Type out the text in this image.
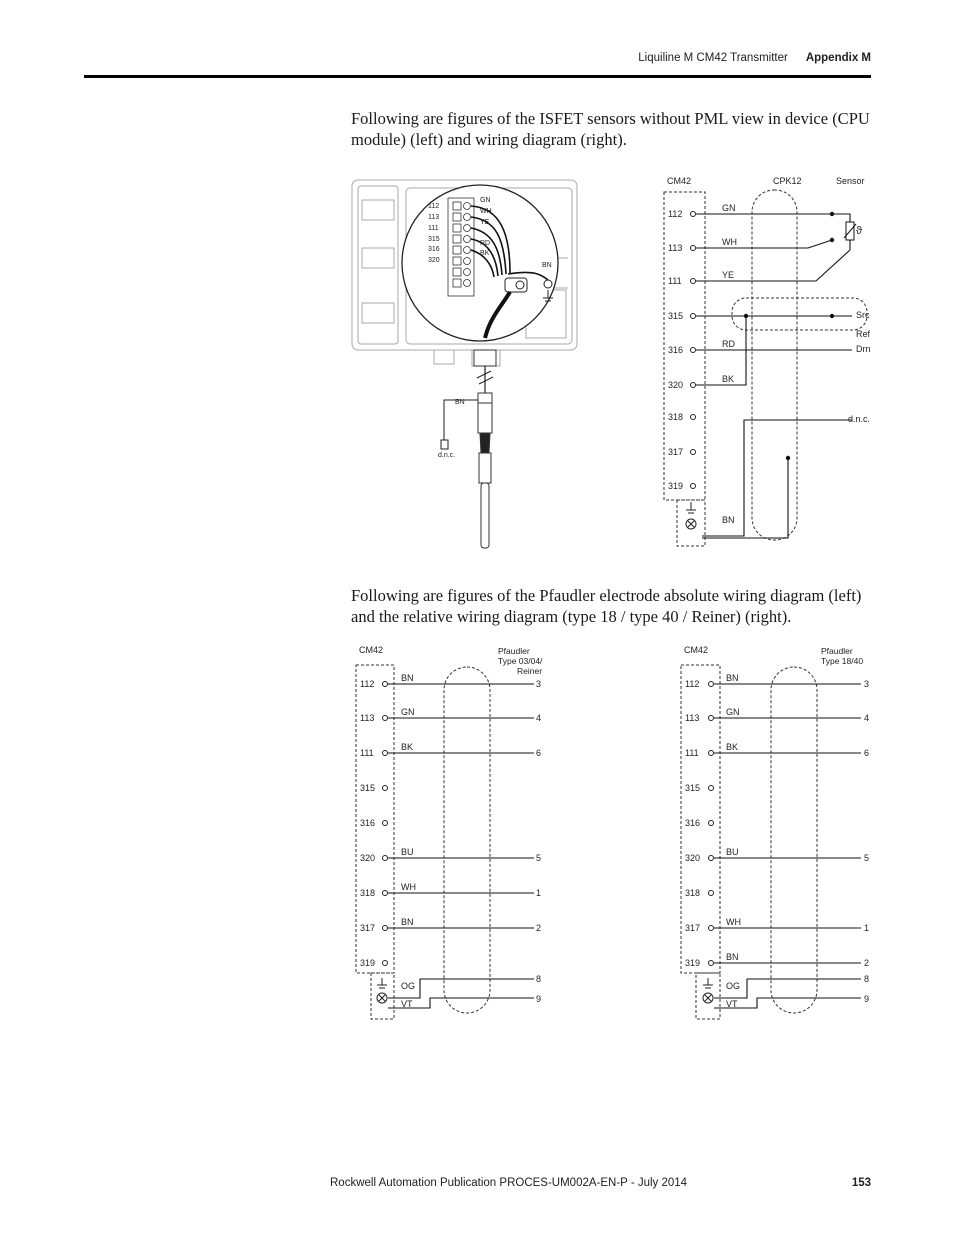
Liquiline M CM42 Transmitter Appendix M
Following are figures of the ISFET sensors without PML view in device (CPU module) (left) and wiring diagram (right).
112
113
111
315
316
320
GN
WH
YE
RD
BK
BN
BN
d.n.c.
CM42	CPK12	Sensor
112
113
111
315
316
320
318
317
319
ϑ
GN
WH
YE
RD
BK
BN
Src
Ref
Drn
d.n.c.
Following are figures of the Pfaudler electrode absolute wiring diagram (left) and the relative wiring diagram (type 18 / type 40 / Reiner) (right).
CM42	Pfaudler
Type 03/04/
Reiner
112
113
111
315
316
320
318
317
319
BN
GN
BK
BU
WH
BN
OG
VT
3
4
6
5
1
2
8
9
CM42	Pfaudler
Type 18/40
112
113
111
315
316
320
318
317
319
BN
GN
BK
BU
WH
BN
OG
VT
3
4
6
5
1
2
8
9
Rockwell Automation Publication PROCES-UM002A-EN-P - July 2014	153
